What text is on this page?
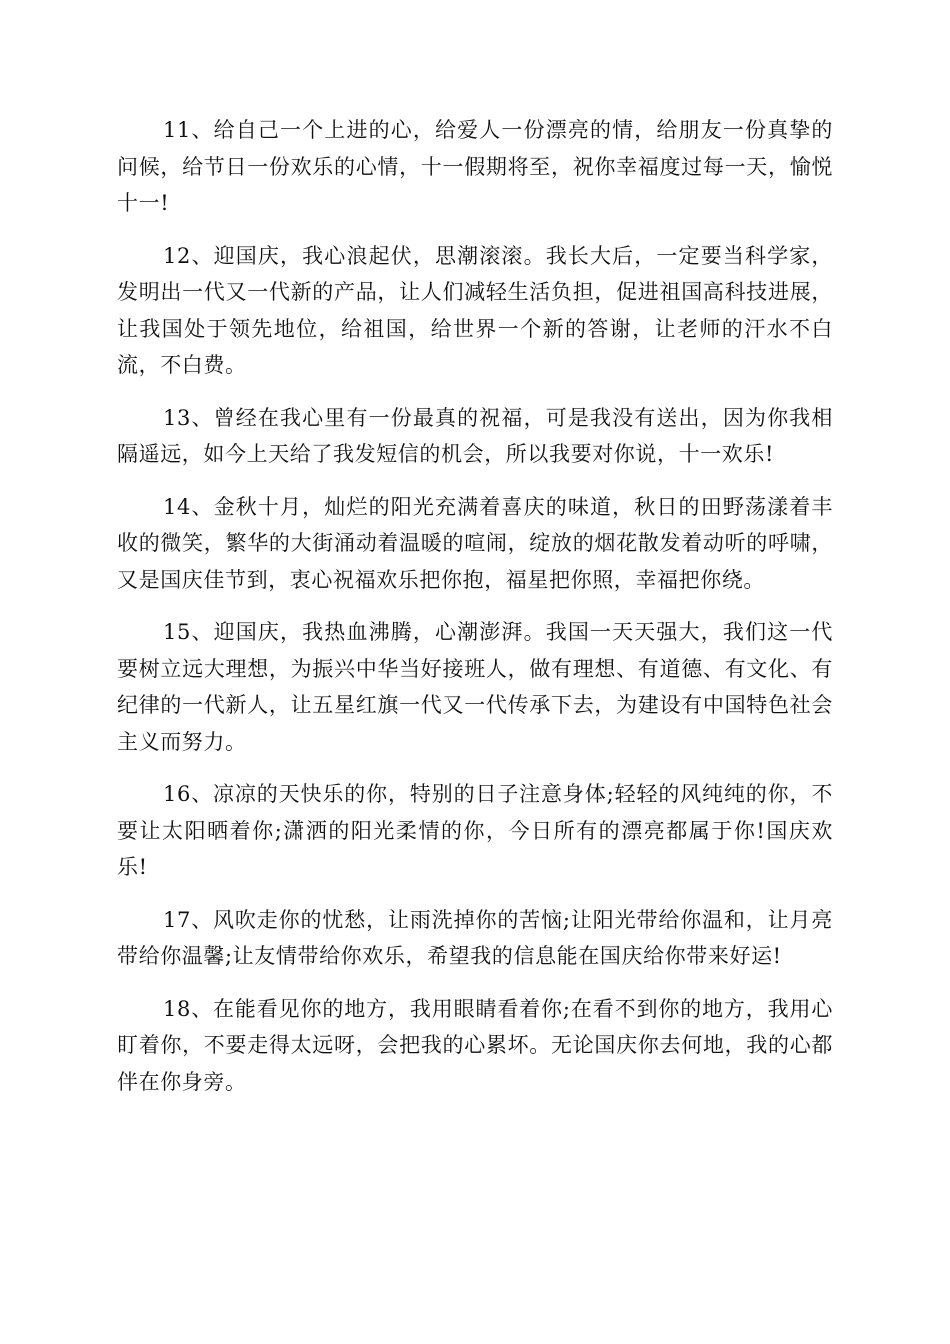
11、给自己一个上进的心，给爱人一份漂亮的情，给朋友一份真挚的问候，给节日一份欢乐的心情，十一假期将至，祝你幸福度过每一天，愉悦十一!

12、迎国庆，我心浪起伏，思潮滚滚。我长大后，一定要当科学家，发明出一代又一代新的产品，让人们减轻生活负担，促进祖国高科技进展，让我国处于领先地位，给祖国，给世界一个新的答谢，让老师的汗水不白流，不白费。

13、曾经在我心里有一份最真的祝福，可是我没有送出，因为你我相隔遥远，如今上天给了我发短信的机会，所以我要对你说，十一欢乐!

14、金秋十月，灿烂的阳光充满着喜庆的味道，秋日的田野荡漾着丰收的微笑，繁华的大街涌动着温暖的喧闹，绽放的烟花散发着动听的呼啸，又是国庆佳节到，衷心祝福欢乐把你抱，福星把你照，幸福把你绕。

15、迎国庆，我热血沸腾，心潮澎湃。我国一天天强大，我们这一代要树立远大理想，为振兴中华当好接班人，做有理想、有道德、有文化、有纪律的一代新人，让五星红旗一代又一代传承下去，为建设有中国特色社会主义而努力。

16、凉凉的天快乐的你，特别的日子注意身体;轻轻的风纯纯的你，不要让太阳晒着你;潇洒的阳光柔情的你，今日所有的漂亮都属于你!国庆欢乐!

17、风吹走你的忧愁，让雨洗掉你的苦恼;让阳光带给你温和，让月亮带给你温馨;让友情带给你欢乐，希望我的信息能在国庆给你带来好运!

18、在能看见你的地方，我用眼睛看着你;在看不到你的地方，我用心盯着你，不要走得太远呀，会把我的心累坏。无论国庆你去何地，我的心都伴在你身旁。
